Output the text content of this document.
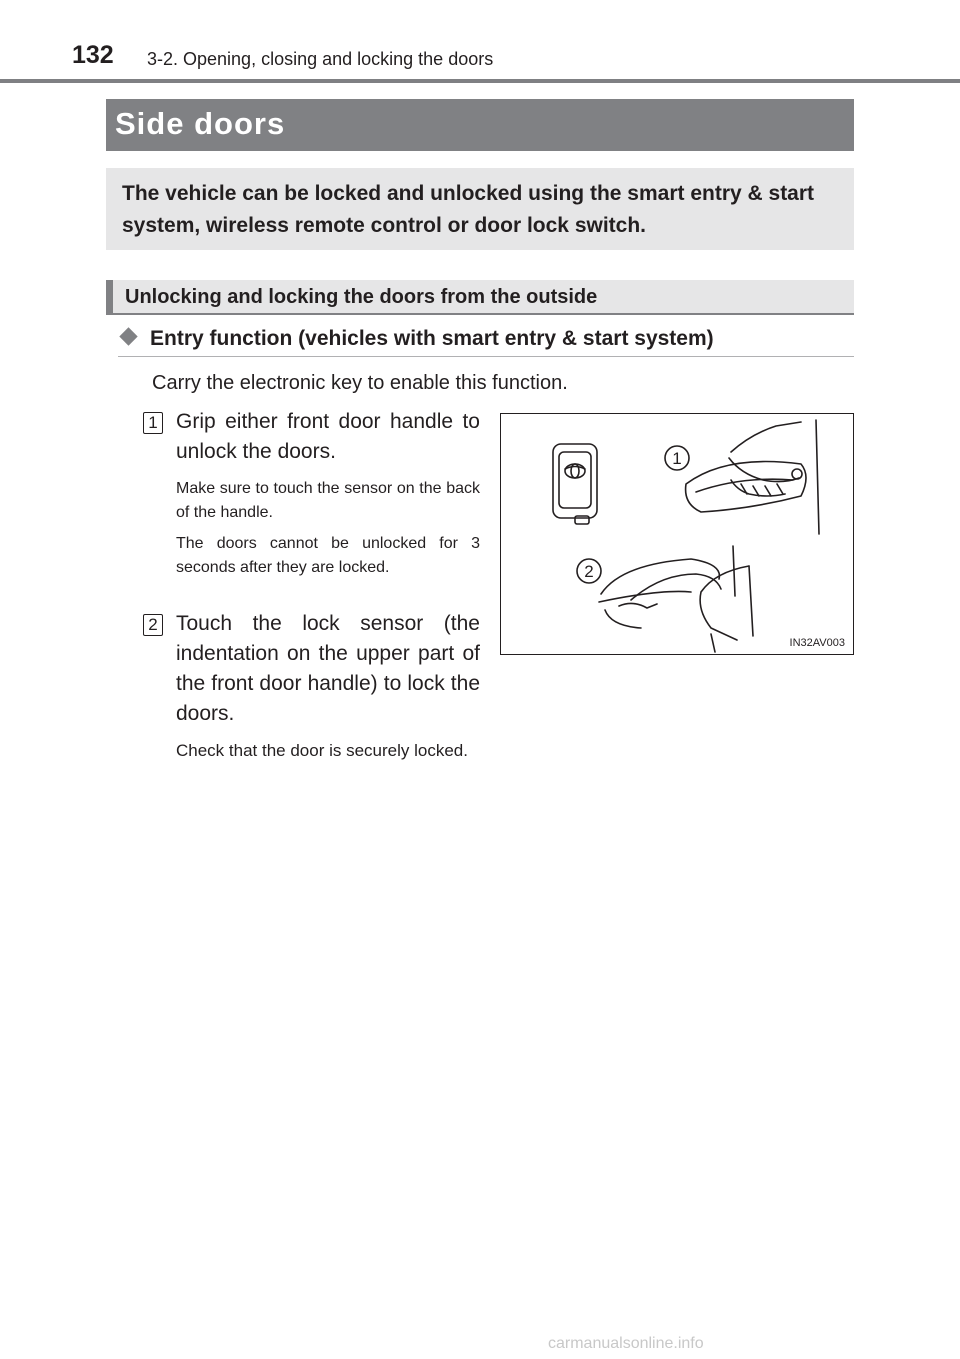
132 3-2. Opening, closing and locking the doors
Side doors
The vehicle can be locked and unlocked using the smart entry & start system, wireless remote control or door lock switch.
Unlocking and locking the doors from the outside
Entry function (vehicles with smart entry & start system)
Carry the electronic key to enable this function.
1 Grip either front door handle to unlock the doors.
Make sure to touch the sensor on the back of the handle.
The doors cannot be unlocked for 3 seconds after they are locked.
2 Touch the lock sensor (the indentation on the upper part of the front door handle) to lock the doors.
Check that the door is securely locked.
1
2
IN32AV003
carmanualsonline.info
